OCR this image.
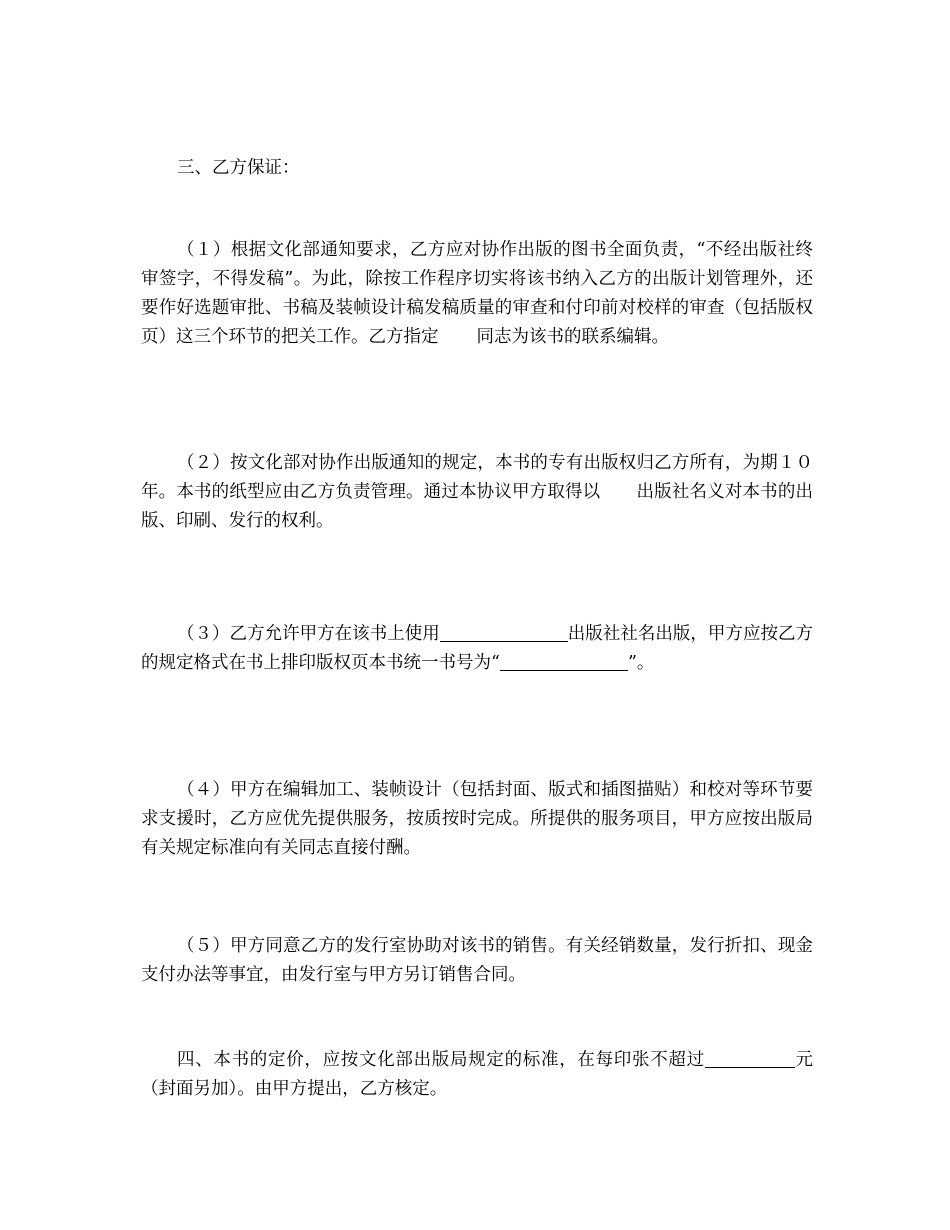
三、乙方保证：

（１）根据文化部通知要求，乙方应对协作出版的图书全面负责，“不经出版社终审签字，不得发稿”。为此，除按工作程序切实将该书纳入乙方的出版计划管理外，还要作好选题审批、书稿及装帧设计稿发稿质量的审查和付印前对校样的审查（包括版权页）这三个环节的把关工作。乙方指定 同志为该书的联系编辑。

（２）按文化部对协作出版通知的规定，本书的专有出版权归乙方所有，为期１０年。本书的纸型应由乙方负责管理。通过本协议甲方取得以 出版社名义对本书的出版、印刷、发行的权利。

（３）乙方允许甲方在该书上使用	出版社社名出版，甲方应按乙方的规定格式在书上排印版权页本书统一书号为“	”。

（４）甲方在编辑加工、装帧设计（包括封面、版式和插图描贴）和校对等环节要求支援时，乙方应优先提供服务，按质按时完成。所提供的服务项目，甲方应按出版局有关规定标准向有关同志直接付酬。

（５）甲方同意乙方的发行室协助对该书的销售。有关经销数量，发行折扣、现金支付办法等事宜，由发行室与甲方另订销售合同。

四、本书的定价，应按文化部出版局规定的标准，在每印张不超过	元（封面另加）。由甲方提出，乙方核定。
